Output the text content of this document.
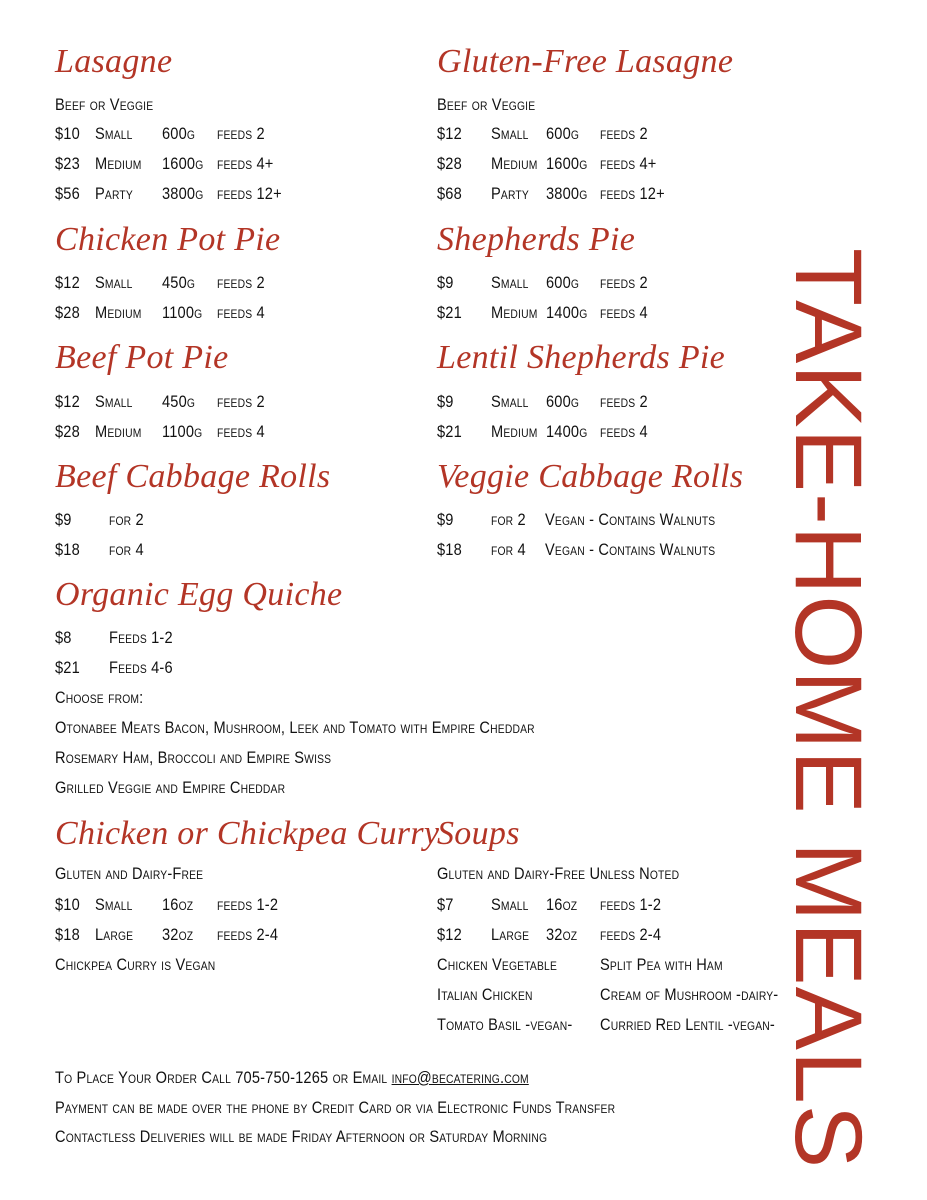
TAKE-HOME MEALS
Lasagne
Beef or Veggie
$10 Small 600g feeds 2
$23 Medium 1600g feeds 4+
$56 Party 3800g feeds 12+
Gluten-Free Lasagne
Beef or Veggie
$12 Small 600g feeds 2
$28 Medium 1600g feeds 4+
$68 Party 3800g feeds 12+
Chicken Pot Pie
$12 Small 450g feeds 2
$28 Medium 1100g feeds 4
Shepherds Pie
$9 Small 600g feeds 2
$21 Medium 1400g feeds 4
Beef Pot Pie
$12 Small 450g feeds 2
$28 Medium 1100g feeds 4
Lentil Shepherds Pie
$9 Small 600g feeds 2
$21 Medium 1400g feeds 4
Beef Cabbage Rolls
$9 for 2
$18 for 4
Veggie Cabbage Rolls
$9 for 2 Vegan - Contains Walnuts
$18 for 4 Vegan - Contains Walnuts
Organic Egg Quiche
$8 Feeds 1-2
$21 Feeds 4-6
Choose from:
Otonabee Meats Bacon, Mushroom, Leek and Tomato with Empire Cheddar
Rosemary Ham, Broccoli and Empire Swiss
Grilled Veggie and Empire Cheddar
Chicken or Chickpea Curry
Gluten and Dairy-Free
$10 Small 16oz feeds 1-2
$18 Large 32oz feeds 2-4
Chickpea Curry is Vegan
Soups
Gluten and Dairy-Free Unless Noted
$7 Small 16oz feeds 1-2
$12 Large 32oz feeds 2-4
Chicken Vegetable	Split Pea with Ham
Italian Chicken	Cream of Mushroom -dairy-
Tomato Basil -vegan- Curried Red Lentil -vegan-
To Place Your Order Call 705-750-1265 or Email info@becatering.com
Payment can be made over the phone by Credit Card or via Electronic Funds Transfer
Contactless Deliveries will be made Friday Afternoon or Saturday Morning
